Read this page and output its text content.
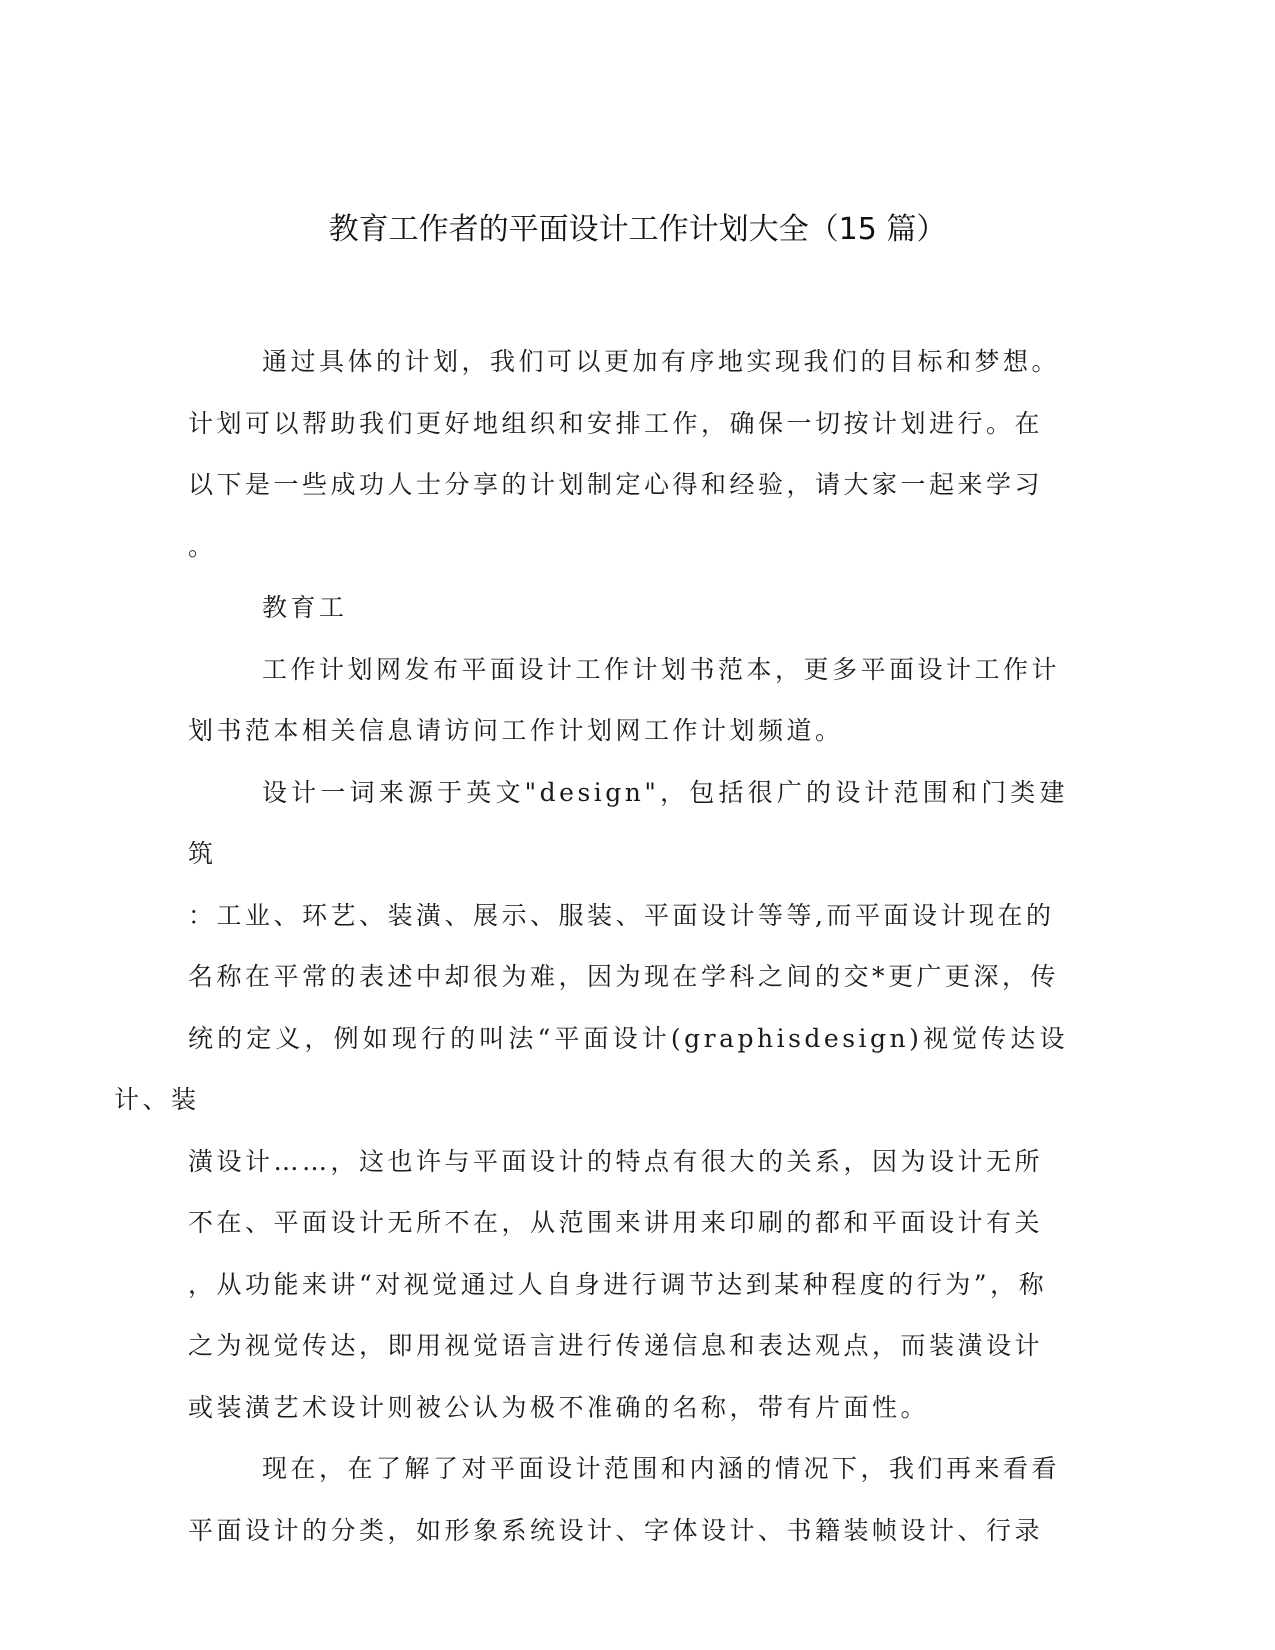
教育工作者的平面设计工作计划大全（15 篇）

通过具体的计划，我们可以更加有序地实现我们的目标和梦想。
计划可以帮助我们更好地组织和安排工作，确保一切按计划进行。在
以下是一些成功人士分享的计划制定心得和经验，请大家一起来学习
。

教育工

工作计划网发布平面设计工作计划书范本，更多平面设计工作计
划书范本相关信息请访问工作计划网工作计划频道。

设计一词来源于英文"design"，包括很广的设计范围和门类建筑
：工业、环艺、装潢、展示、服装、平面设计等等,而平面设计现在的
名称在平常的表述中却很为难，因为现在学科之间的交*更广更深，传
统的定义，例如现行的叫法“平面设计(graphisdesign)视觉传达设计、装
潢设计……，这也许与平面设计的特点有很大的关系，因为设计无所
不在、平面设计无所不在，从范围来讲用来印刷的都和平面设计有关
，从功能来讲“对视觉通过人自身进行调节达到某种程度的行为”，称
之为视觉传达，即用视觉语言进行传递信息和表达观点，而装潢设计
或装潢艺术设计则被公认为极不准确的名称，带有片面性。

现在，在了解了对平面设计范围和内涵的情况下，我们再来看看
平面设计的分类，如形象系统设计、字体设计、书籍装帧设计、行录
